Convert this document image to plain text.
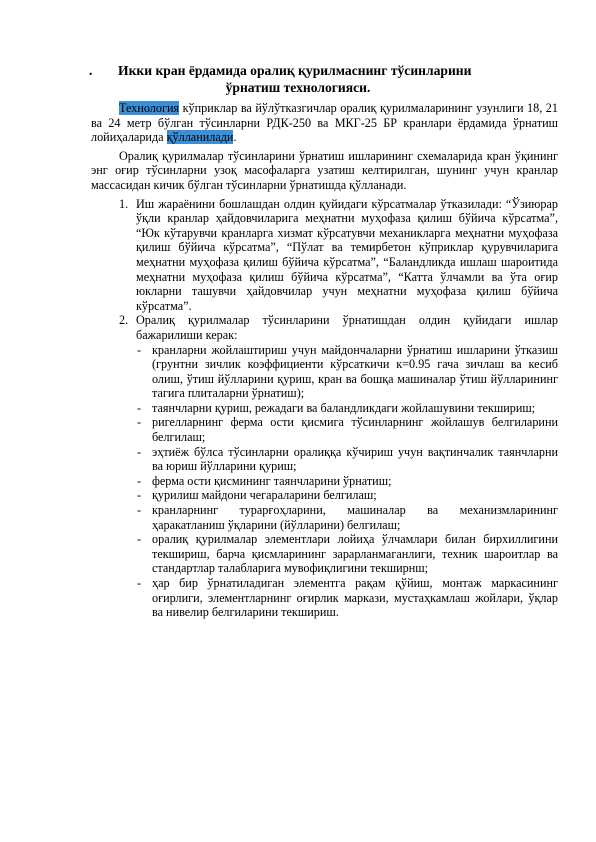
. Икки кран ёрдамида оралиқ қурилмаснинг тўсинларини
ўрнатиш технологияси.

Технология кўприклар ва йўлўтказгичлар оралиқ қурилмаларининг узунлиги 18, 21 ва 24 метр бўлган тўсинларни РДК-250 ва МКГ-25 БР кранлари ёрдамида ўрнатиш лойиҳаларида қўлланилади.

Оралиқ қурилмалар тўсинларини ўрнатиш ишларининг схемаларида кран ўқининг энг оғир тўсинларни узоқ масофаларга узатиш келтирилган, шунинг учун кранлар массасидан кичик бўлган тўсинларни ўрнатишда қўлланади.

1. Иш жараёнини бошлашдан олдин қуйидаги кўрсатмалар ўтказилади: “Ўзиюрар ўқли кранлар ҳайдовчиларига меҳнатни муҳофаза қилиш бўйича кўрсатма”, “Юк кўтарувчи кранларга хизмат кўрсатувчи механикларга меҳнатни муҳофаза қилиш бўйича кўрсатма”, “Пўлат ва темирбетон кўприклар қурувчиларига меҳнатни муҳофаза қилиш бўйича кўрсатма”, “Баландликда ишлаш шароитида меҳнатни муҳофаза қилиш бўйича кўрсатма”, “Катта ўлчамли ва ўта оғир юкларни ташувчи ҳайдовчилар учун меҳнатни муҳофаза қилиш бўйича кўрсатма”.
2. Оралиқ қурилмалар тўсинларини ўрнатишдан олдин қуйидаги ишлар бажарилиши керак:
- кранларни жойлаштириш учун майдончаларни ўрнатиш ишларини ўтказиш (грунтни зичлик коэффициенти кўрсаткичи к=0.95 гача зичлаш ва кесиб олиш, ўтиш йўлларини қуриш, кран ва бошқа машиналар ўтиш йўлларининг тагига плиталарни ўрнатиш);
- таянчларни қуриш, режадаги ва баландликдаги жойлашувини текшириш;
- ригелларнинг ферма ости қисмига тўсинларнинг жойлашув белгиларини белгилаш;
- эҳтиёж бўлса тўсинларни оралиққа кўчириш учун вақтинчалик таянчларни ва юриш йўлларини қуриш;
- ферма ости қисмининг таянчларини ўрнатиш;
- қурилиш майдони чегараларини белгилаш;
- кранларнинг турарғоҳларини, машиналар ва механизмларининг ҳаракатланиш ўқларини (йўлларини) белгилаш;
- оралиқ қурилмалар элементлари лойиҳа ўлчамлари билан бирхиллигини текшириш, барча қисмларининг зарарланмаганлиги, техник шароитлар ва стандартлар талабларига мувофиқлигини текширнш;
- ҳар бир ўрнатиладиган элементга рақам қўйиш, монтаж маркасининг оғирлиги, элементларнинг оғирлик маркази, мустаҳкамлаш жойлари, ўқлар ва нивелир белгиларини текшириш.
